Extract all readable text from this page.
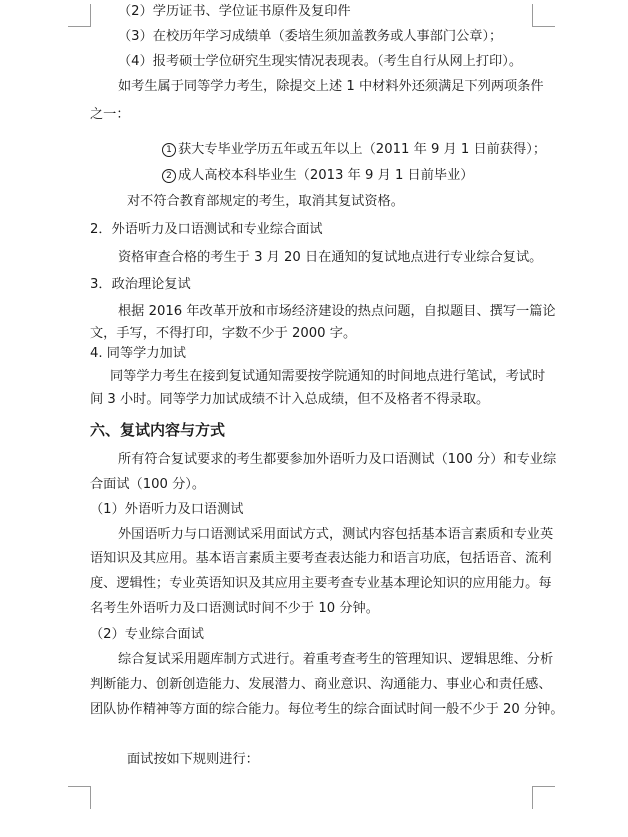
（2）学历证书、学位证书原件及复印件
（3）在校历年学习成绩单（委培生须加盖教务或人事部门公章）；
（4）报考硕士学位研究生现实情况表现表。（考生自行从网上打印）。
如考生属于同等学力考生，除提交上述 1 中材料外还须满足下列两项条件
之一：
1 获大专毕业学历五年或五年以上（2011 年 9 月 1 日前获得）；
2 成人高校本科毕业生（2013 年 9 月 1 日前毕业）
对不符合教育部规定的考生，取消其复试资格。
2．外语听力及口语测试和专业综合面试
资格审查合格的考生于 3 月 20 日在通知的复试地点进行专业综合复试。
3．政治理论复试
根据 2016 年改革开放和市场经济建设的热点问题，自拟题目、撰写一篇论
文，手写，不得打印，字数不少于 2000 字。
4. 同等学力加试
同等学力考生在接到复试通知需要按学院通知的时间地点进行笔试，考试时
间 3 小时。同等学力加试成绩不计入总成绩，但不及格者不得录取。
六、复试内容与方式
所有符合复试要求的考生都要参加外语听力及口语测试（100 分）和专业综
合面试（100 分）。
（1）外语听力及口语测试
外国语听力与口语测试采用面试方式，测试内容包括基本语言素质和专业英
语知识及其应用。基本语言素质主要考查表达能力和语言功底，包括语音、流利
度、逻辑性；专业英语知识及其应用主要考查专业基本理论知识的应用能力。每
名考生外语听力及口语测试时间不少于 10 分钟。
（2）专业综合面试
综合复试采用题库制方式进行。着重考查考生的管理知识、逻辑思维、分析
判断能力、创新创造能力、发展潜力、商业意识、沟通能力、事业心和责任感、
团队协作精神等方面的综合能力。每位考生的综合面试时间一般不少于 20 分钟。
面试按如下规则进行：
